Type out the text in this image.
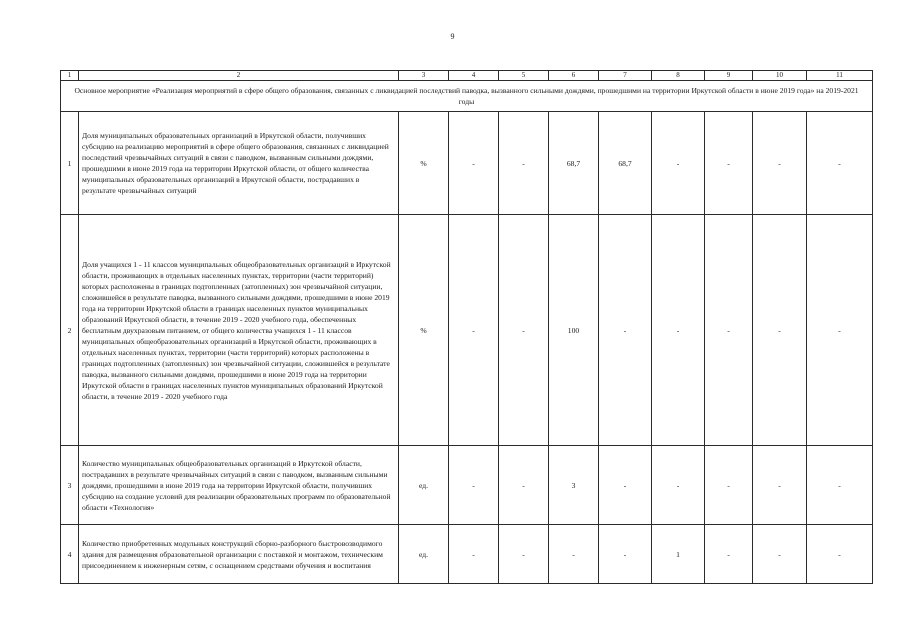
9
1	2	3	4	5	6	7	8	9	10	11
Основное мероприятие «Реализация мероприятий в сфере общего образования, связанных с ликвидацией последствий паводка, вызванного сильными дождями, прошедшими на территории Иркутской области в июне 2019 года» на 2019-2021 годы										
1	Доля муниципальных образовательных организаций в Иркутской области, получивших субсидию на реализацию мероприятий в сфере общего образования, связанных с ликвидацией последствий чрезвычайных ситуаций в связи с паводком, вызванным сильными дождями, прошедшими в июне 2019 года на территории Иркутской области, от общего количества муниципальных образовательных организаций в Иркутской области, пострадавших в результате чрезвычайных ситуаций	%	-	-	68,7	68,7	-	-	-	-
2	Доля учащихся 1 - 11 классов муниципальных общеобразовательных организаций в Иркутской области, проживающих в отдельных населенных пунктах, территории (части территорий) которых расположены в границах подтопленных (затопленных) зон чрезвычайной ситуации, сложившейся в результате паводка, вызванного сильными дождями, прошедшими в июне 2019 года на территории Иркутской области в границах населенных пунктов муниципальных образований Иркутской области, в течение 2019 - 2020 учебного года, обеспеченных бесплатным двухразовым питанием, от общего количества учащихся 1 - 11 классов муниципальных общеобразовательных организаций в Иркутской области, проживающих в отдельных населенных пунктах, территории (части территорий) которых расположены в границах подтопленных (затопленных) зон чрезвычайной ситуации, сложившейся в результате паводка, вызванного сильными дождями, прошедшими в июне 2019 года на территории Иркутской области в границах населенных пунктов муниципальных образований Иркутской области, в течение 2019 - 2020 учебного года	%	-	-	100	-	-	-	-	-
3	Количество муниципальных общеобразовательных организаций в Иркутской области, пострадавших в результате чрезвычайных ситуаций в связи с паводком, вызванным сильными дождями, прошедшими в июне 2019 года на территории Иркутской области, получивших субсидию на создание условий для реализации образовательных программ по образовательной области «Технология»	ед.	-	-	3	-	-	-	-	-
4	Количество приобретенных модульных конструкций сборно-разборного быстровозводимого здания для размещения образовательной организации с поставкой и монтажом, техническим присоединением к инженерным сетям, с оснащением средствами обучения и воспитания	ед.	-	-	-	-	1	-	-	-
